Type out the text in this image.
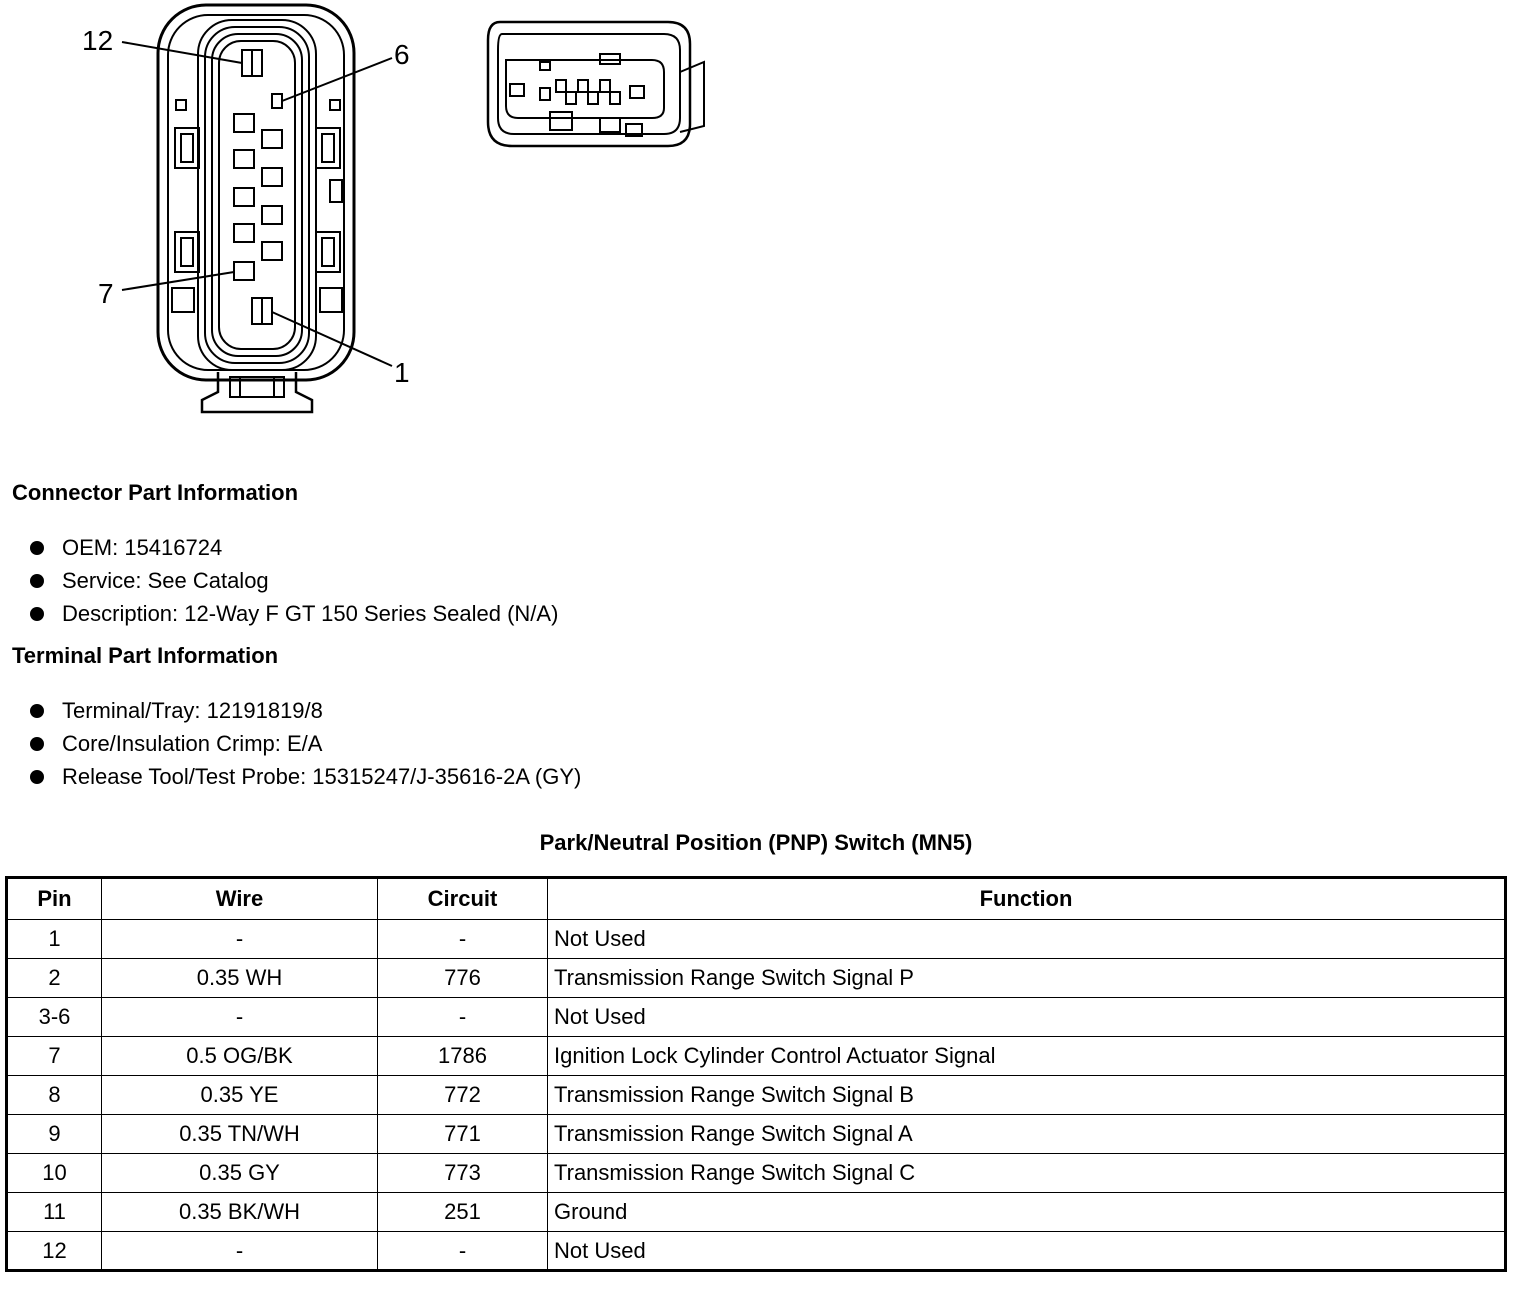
12	6
7
1
Connector Part Information
OEM: 15416724
Service: See Catalog
Description: 12-Way F GT 150 Series Sealed (N/A)
Terminal Part Information
Terminal/Tray: 12191819/8
Core/Insulation Crimp: E/A
Release Tool/Test Probe: 15315247/J-35616-2A (GY)
Park/Neutral Position (PNP) Switch (MN5)
Pin	Wire	Circuit	Function
1	-	-	Not Used
2	0.35 WH	776	Transmission Range Switch Signal P
3-6	-	-	Not Used
7	0.5 OG/BK	1786	Ignition Lock Cylinder Control Actuator Signal
8	0.35 YE	772	Transmission Range Switch Signal B
9	0.35 TN/WH	771	Transmission Range Switch Signal A
10	0.35 GY	773	Transmission Range Switch Signal C
11	0.35 BK/WH	251	Ground
12	-	-	Not Used
